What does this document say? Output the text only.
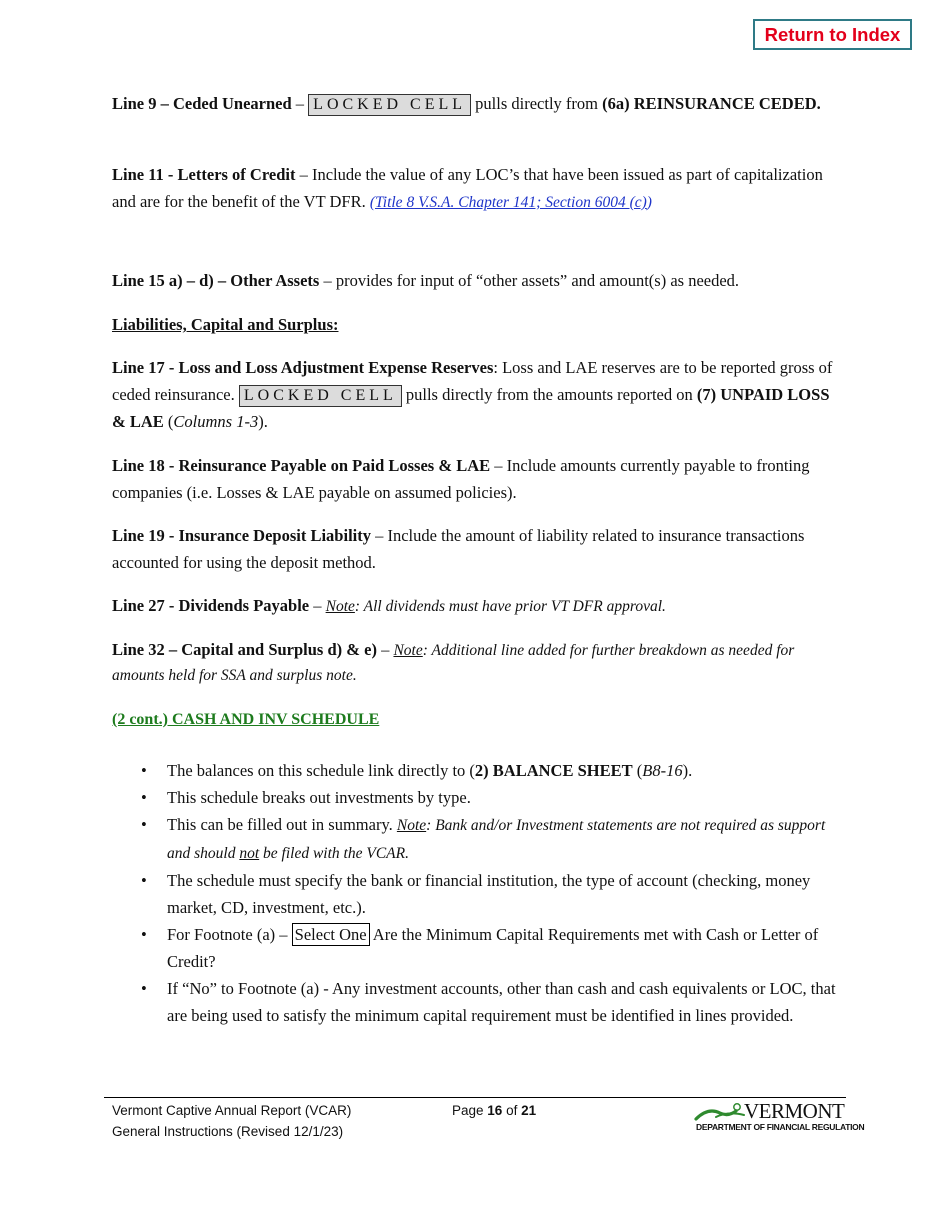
Return to Index
Line 9 – Ceded Unearned – LOCKED CELL pulls directly from (6a) REINSURANCE CEDED.
Line 11 - Letters of Credit – Include the value of any LOC’s that have been issued as part of capitalization and are for the benefit of the VT DFR. (Title 8 V.S.A. Chapter 141; Section 6004 (c))
Line 15 a) – d) – Other Assets – provides for input of “other assets” and amount(s) as needed.
Liabilities, Capital and Surplus:
Line 17 - Loss and Loss Adjustment Expense Reserves: Loss and LAE reserves are to be reported gross of ceded reinsurance. LOCKED CELL pulls directly from the amounts reported on (7) UNPAID LOSS & LAE (Columns 1-3).
Line 18 - Reinsurance Payable on Paid Losses & LAE – Include amounts currently payable to fronting companies (i.e. Losses & LAE payable on assumed policies).
Line 19 - Insurance Deposit Liability – Include the amount of liability related to insurance transactions accounted for using the deposit method.
Line 27 - Dividends Payable – Note: All dividends must have prior VT DFR approval.
Line 32 – Capital and Surplus d) & e) – Note: Additional line added for further breakdown as needed for amounts held for SSA and surplus note.
(2 cont.) CASH AND INV SCHEDULE
• The balances on this schedule link directly to (2) BALANCE SHEET (B8-16).
• This schedule breaks out investments by type.
• This can be filled out in summary. Note: Bank and/or Investment statements are not required as support and should not be filed with the VCAR.
• The schedule must specify the bank or financial institution, the type of account (checking, money market, CD, investment, etc.).
• For Footnote (a) – Select One Are the Minimum Capital Requirements met with Cash or Letter of Credit?
• If “No” to Footnote (a) - Any investment accounts, other than cash and cash equivalents or LOC, that are being used to satisfy the minimum capital requirement must be identified in lines provided.
Vermont Captive Annual Report (VCAR)
General Instructions (Revised 12/1/23)
Page 16 of 21	VERMONT
DEPARTMENT OF FINANCIAL REGULATION
